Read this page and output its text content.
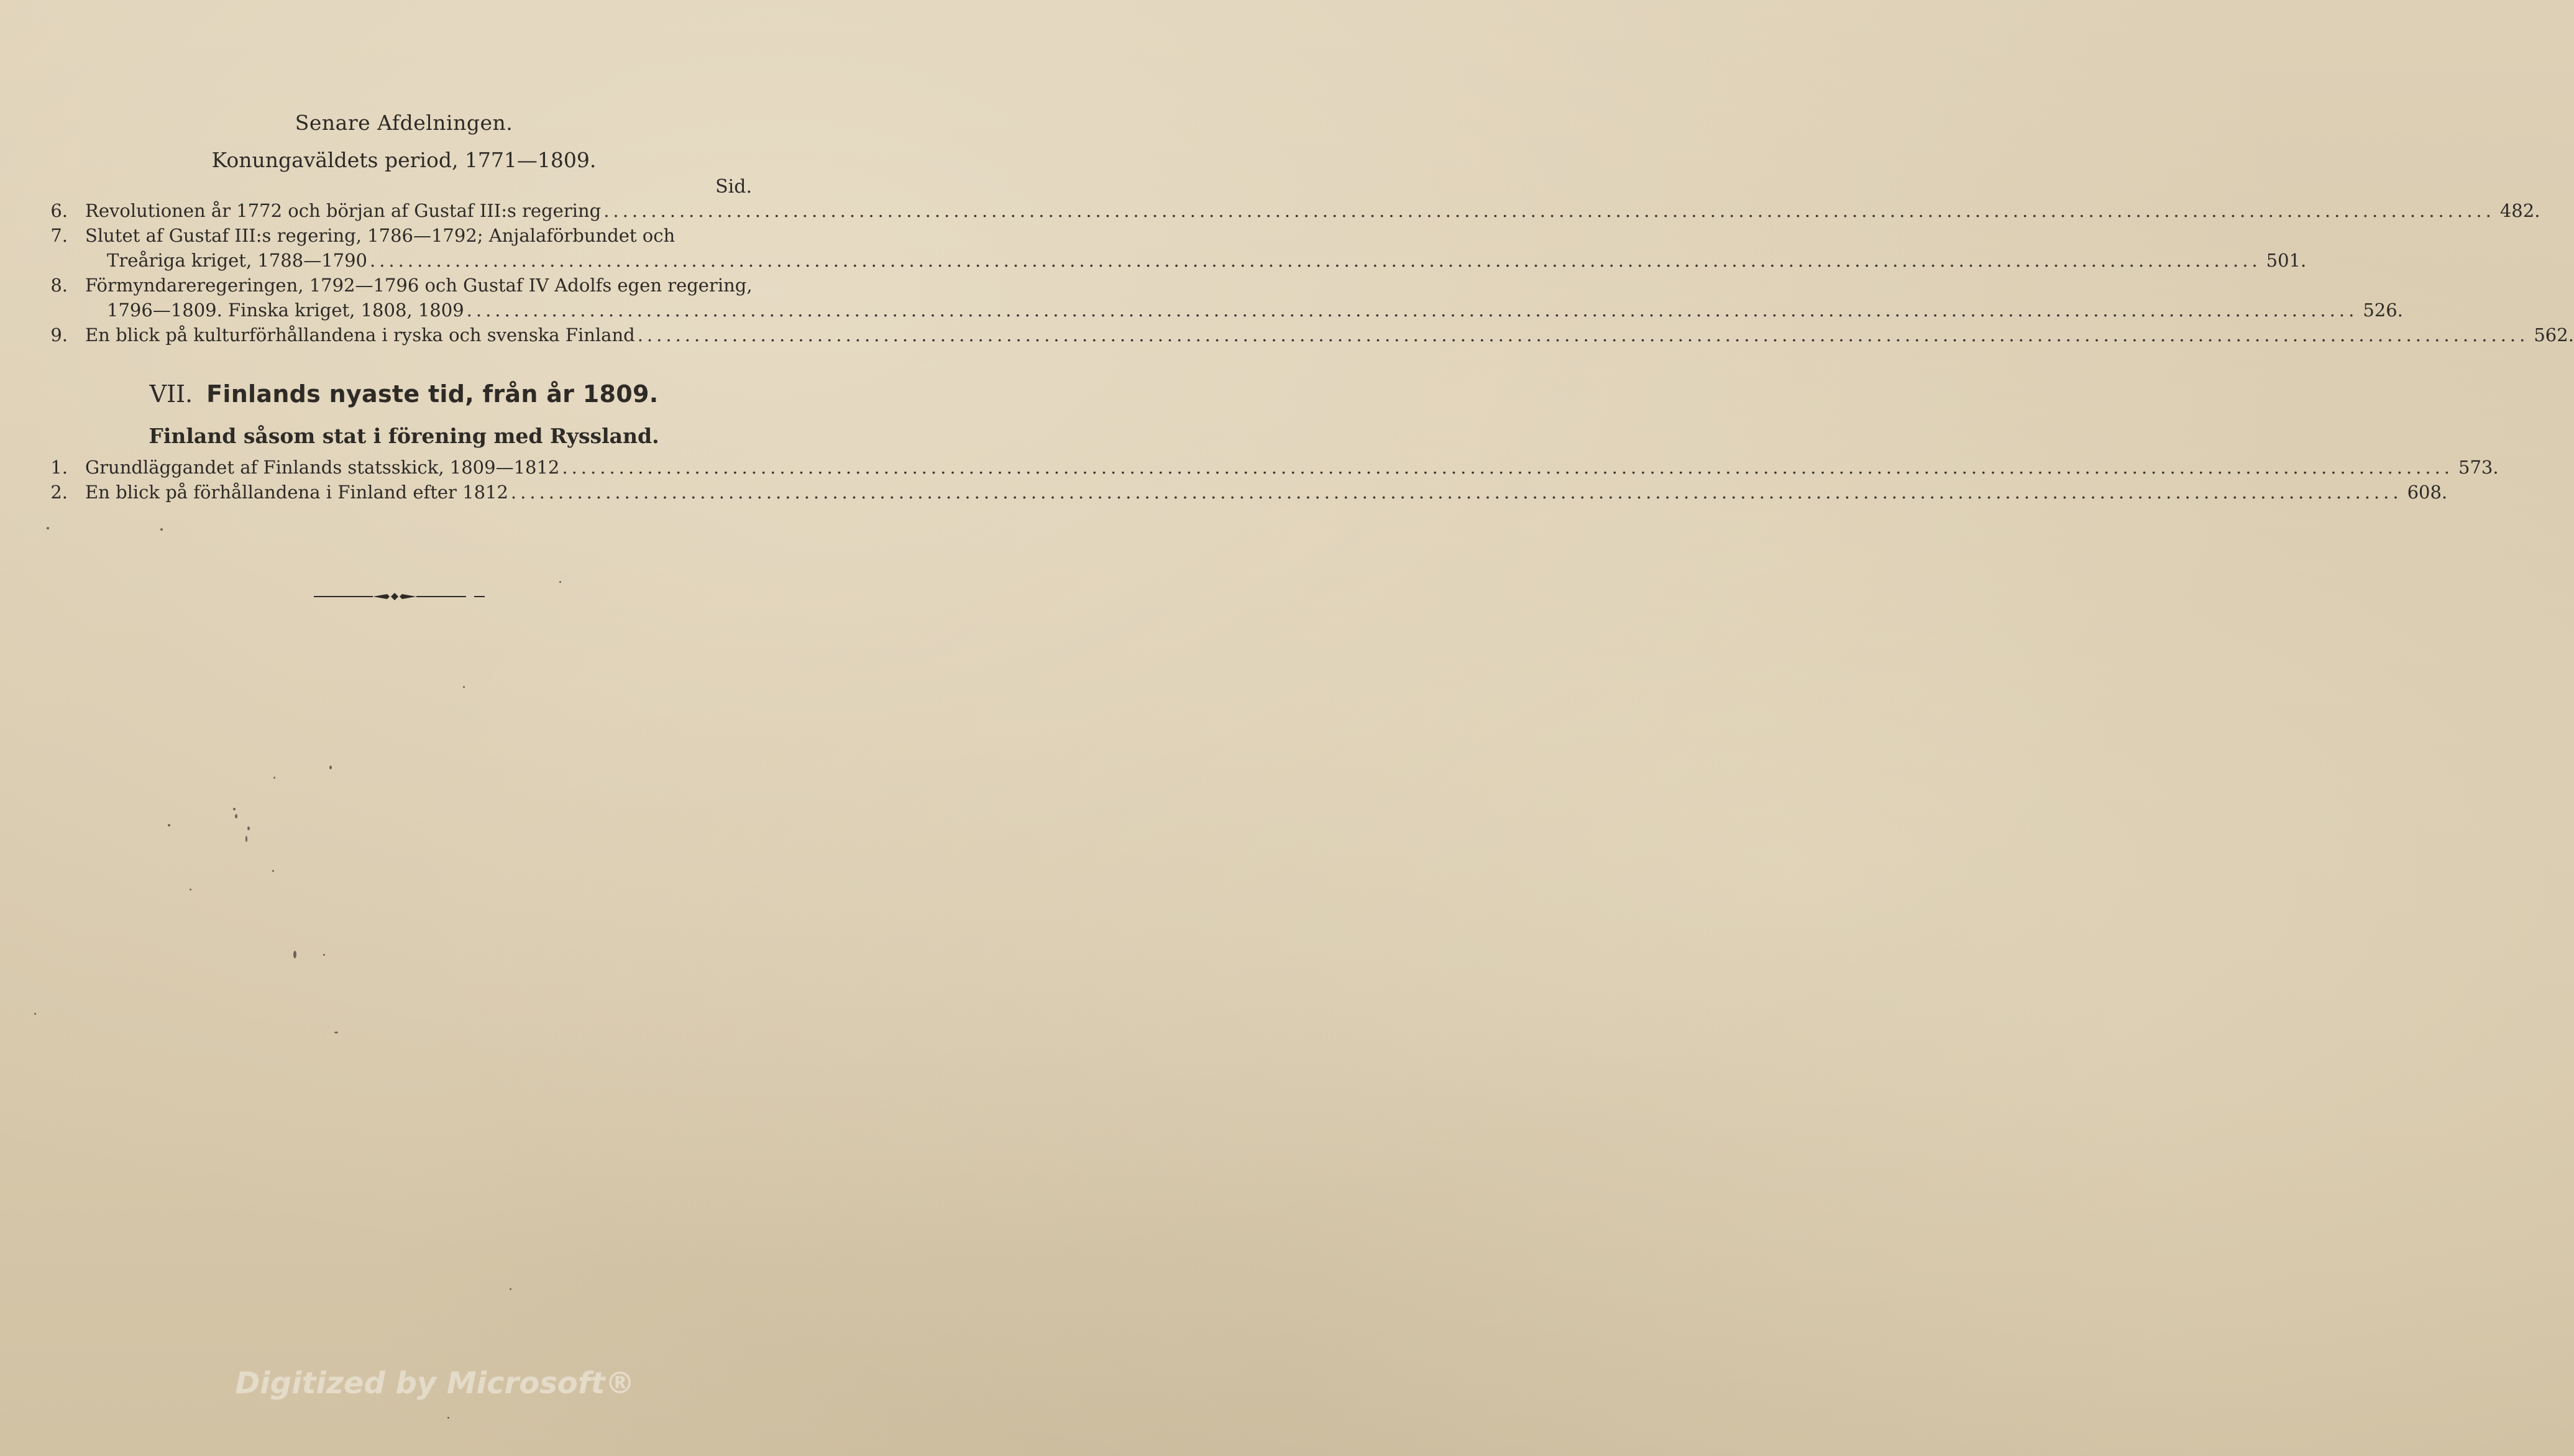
Senare Afdelningen.
Konungaväldets period, 1771—1809.
Sid.
6. Revolutionen år 1772 och början af Gustaf III:s regering ........................................................................................................................................................................................................ 482.
7. Slutet af Gustaf III:s regering, 1786—1792; Anjalaförbundet och
Treåriga kriget, 1788—1790 ........................................................................................................................................................................................................ 501.
8. Förmyndareregeringen, 1792—1796 och Gustaf IV Adolfs egen regering,
1796—1809. Finska kriget, 1808, 1809 ........................................................................................................................................................................................................ 526.
9. En blick på kulturförhållandena i ryska och svenska Finland ........................................................................................................................................................................................................ 562.
VII. Finlands nyaste tid, från år 1809.
Finland såsom stat i förening med Ryssland.
1. Grundläggandet af Finlands statsskick, 1809—1812 ........................................................................................................................................................................................................ 573.
2. En blick på förhållandena i Finland efter 1812 ........................................................................................................................................................................................................ 608.
Digitized by Microsoft®
